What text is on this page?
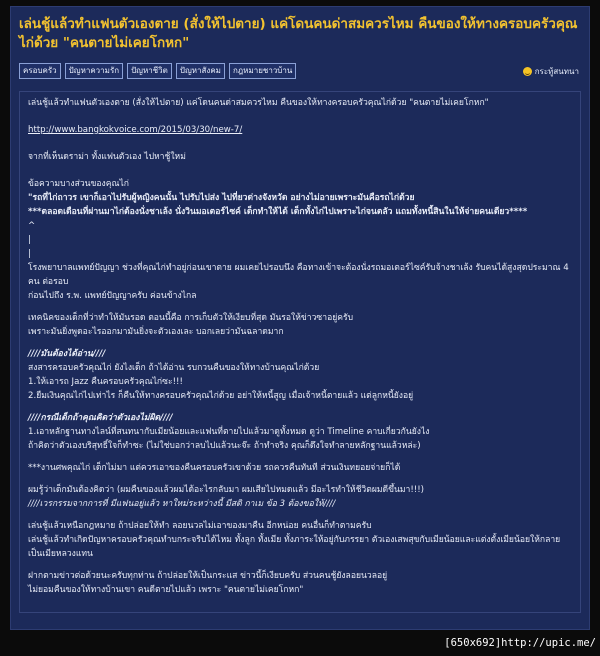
เล่นชู้แล้วทำแฟนตัวเองตาย (สั่งให้ไปตาย) แค่โดนคนด่าสมควรไหม คืนของให้ทางครอบครัวคุณไก่ด้วย "คนตายไม่เคยโกหก"
ครอบครัว	ปัญหาความรัก	ปัญหาชีวิต	ปัญหาสังคม	กฎหมายชาวบ้าน	กระทู้สนทนา

เล่นชู้แล้วทำแฟนตัวเองตาย (สั่งให้ไปตาย) แค่โดนคนด่าสมควรไหม คืนของให้ทางครอบครัวคุณไก่ด้วย "คนตายไม่เคยโกหก"

http://www.bangkokvoice.com/2015/03/30/new-7/

จากที่เห็นดราม่า ทั้งแฟนตัวเอง ไปหาชู้ใหม่

ข้อความบางส่วนของคุณไก่

"รถที่ไก่ถาวร เขาก็เอาไปรับผู้หญิงคนนั้น ไปรับไปส่ง ไปที่ยวด่างจังหวัด อย่างไม่อายเพราะมันคือรถไก่ด้วย

***ตลอดเดือนที่ผ่านมาไก่ต้องนั่งชาเล้ง นั่งวินมอเตอร์ไซค์ เด็กทำให้ได้ เด็กทั้งไก่ไปเพราะไก่จนตลัว แถมทั้งหนี้สินในให้จ่ายคนเดียว****

^

|

|

โรงพยาบาลแพทย์ปัญญา ช่วงที่คุณไก่ทำอยู่ก่อนเขาตาย ผมเคยไปรอบนึง คือทางเข้าจะต้องนั่งรถมอเตอร์ไซค์รับจ้างชาเล้ง รับคนได้สูงสุดประมาณ 4 คน ต่อรอบ

ก่อนไปถึง ร.พ. แพทย์ปัญญาครับ ค่อนข้างไกล

เทคนิคของเด็กที่ว่าทำให้มันรอด ตอนนี้คือ การเก็บตัวให้เงียบที่สุด มันรอให้ข่าวซาอยู่ครับ

เพราะมันยิ่งพูดอะไรออกมามันยิ่งจะตัวเองเละ บอกเลยว่ามันฉลาดมาก

////มันต้องได้อ่าน////

สงสารครอบครัวคุณไก่ ยังไงเด็ก ถ้าได้อ่าน รบกวนคืนของให้ทางบ้านคุณไก่ด้วย

1.ให้เอารถ Jazz คืนครอบครัวคุณไก่ซะ!!!

2.ยืมเงินคุณไก่ไปเท่าไร ก็คืนให้ทางครอบครัวคุณไก่ด้วย อย่าให้หนี้สูญ เมื่อเจ้าหนี้ตายแล้ว แต่ลูกหนี้ยังอยู่

////กรณีเด็กถ้าคุณคิดว่าตัวเองไม่ผิด////

1.เอาหลักฐานทางไลน์ที่สนทนากับเมียน้อยและแฟนที่ตายไปแล้วมาดูทั้งหมด ดูว่า Timeline คาบเกี่ยวกันยังไง

ถ้าคิดว่าตัวเองบริสุทธิ์ใจก็ทำซะ (ไม่ใช่บอกว่าลบไปแล้วนะจ๊ะ ถ้าทำจริง คุณก็ดึงใจทำลายหลักฐานแล้วหล่ะ)

***งานศพคุณไก่ เด็กไม่มา แต่ควรเอาของคืนครอบครัวเขาด้วย รถควรคืนทันที ส่วนเงินทยอยจ่ายก็ได้

ผมรู้ว่าเด็กมันต้องคิดว่า (ผมคืนของแล้วผมได้อะไรกลับมา ผมเสียไปหมดแล้ว มีอะไรทำให้ชีวิตผมดีขึ้นมา!!!)

////เวรกรรมจากการที่ มีแฟนอยู่แล้ว หาใหม่ระหว่างนี้ มีสติ กาเม ข้อ 3 ต้องขอให้////

เล่นชู้แล้วเหนือกฎหมาย ถ้าปล่อยให้ทำ ลอยนวลไม่เอาของมาคืน อีกหน่อย คนอื่นก็ทำตามครับ

เล่นชู้แล้วทำเกิดปัญหาครอบครัวคุณทำบกระจริบได้ไหม ทั้งลูก ทั้งเมีย ทั้งภาระให้อยู่กับภรรยา ตัวเองเสพสุขกับเมียน้อยและแต่งตั้งเมียน้อยให้กลายเป็นเมียหลวงแทน

ฝากตามข่าวต่อด้วยนะครับทุกท่าน ถ้าปล่อยให้เป็นกระแส ข่าวนี้ก็เงียบครับ ส่วนคนชู้ยังลอยนวลอยู่

ไม่ยอมคืนของให้ทางบ้านเขา คนดีตายไปแล้ว เพราะ "คนตายไม่เคยโกหก"

[650x692]http://upic.me/
